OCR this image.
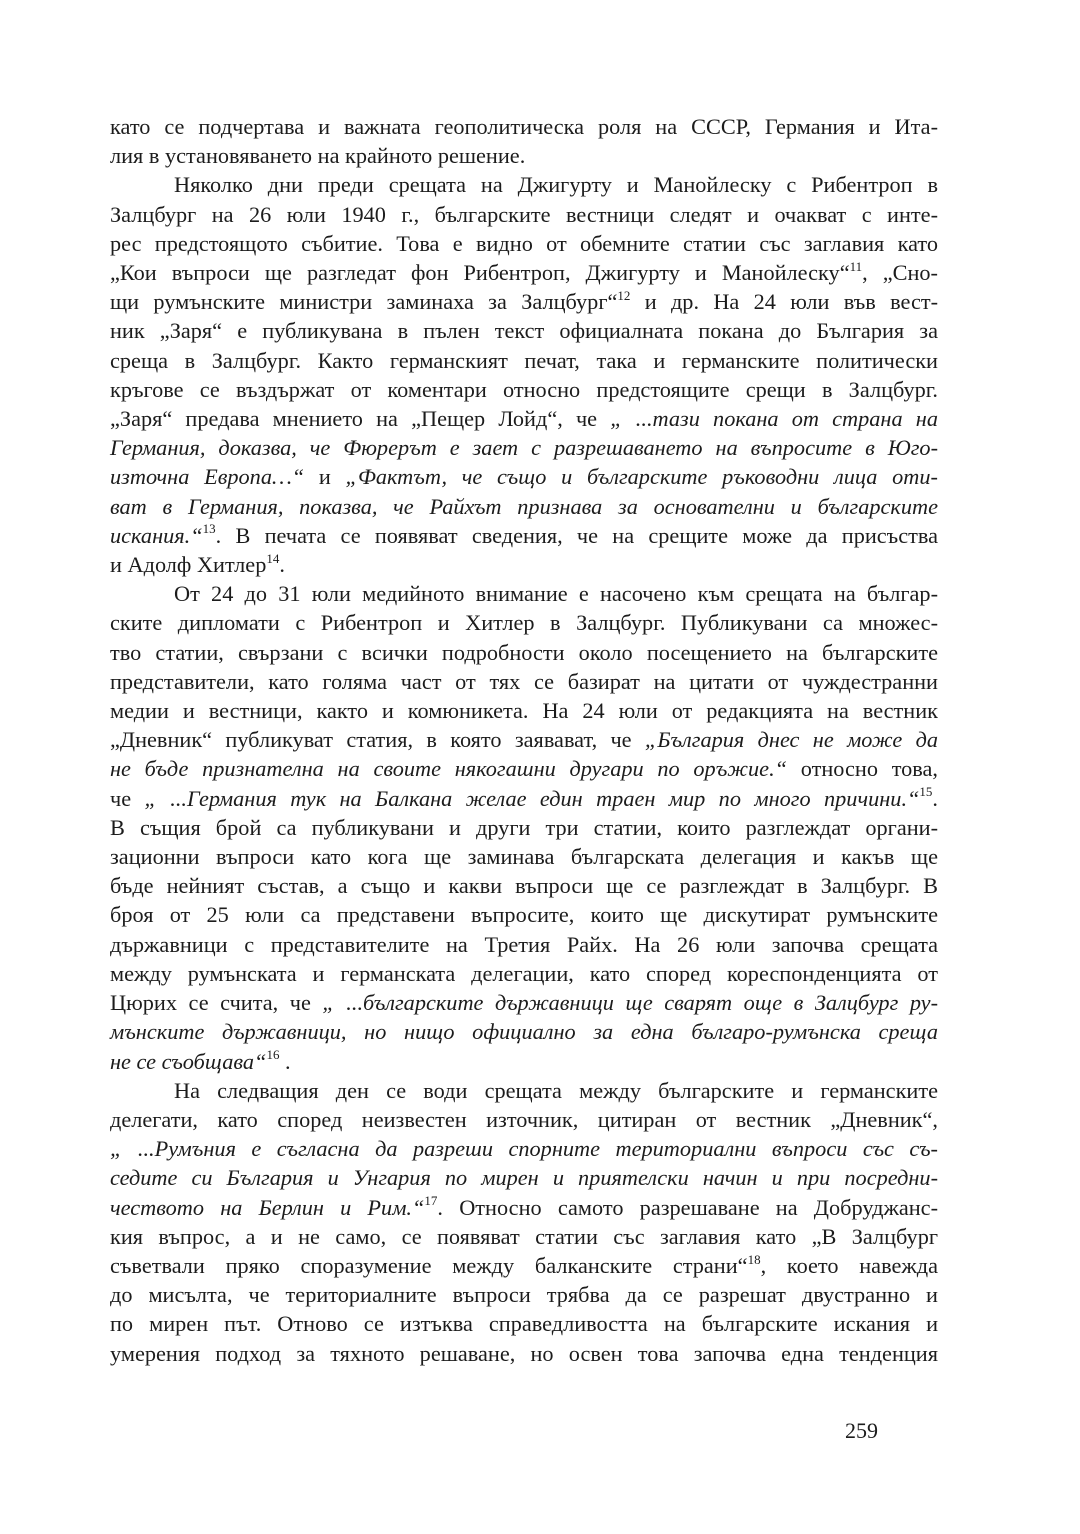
като се подчертава и важната геополитическа роля на СССР, Германия и Ита-
лия в установяването на крайното решение.

Няколко дни преди срещата на Джигурту и Манойлеску с Рибентроп в
Залцбург на 26 юли 1940 г., българските вестници следят и очакват с инте-
рес предстоящото събитие. Това е видно от обемните статии със заглавия като
„Кои въпроси ще разгледат фон Рибентроп, Джигурту и Манойлеску“$^{11}$, „Сно-
щи румънските министри заминаха за Залцбург“$^{12}$ и др. На 24 юли във вест-
ник „Заря“ е публикувана в пълен текст официалната покана до България за
среща в Залцбург. Както германският печат, така и германските политически
кръгове се въздържат от коментари относно предстоящите срещи в Залцбург.
„Заря“ предава мнението на „Пещер Лойд“, че „ ...тази покана от страна на
Германия, доказва, че Фюрерът е зает с разрешаването на въпросите в Юго-
източна Европа…“ и „Фактът, че също и българските ръководни лица оти-
ват в Германия, показва, че Райхът признава за основателни и българските
искания.“$^{13}$. В печата се появяват сведения, че на срещите може да присъства
и Адолф Хитлер$^{14}$.

От 24 до 31 юли медийното внимание е насочено към срещата на българ-
ските дипломати с Рибентроп и Хитлер в Залцбург. Публикувани са множес-
тво статии, свързани с всички подробности около посещението на българските
представители, като голяма част от тях се базират на цитати от чуждестранни
медии и вестници, както и комюникета. На 24 юли от редакцията на вестник
„Дневник“ публикуват статия, в която заявават, че „България днес не може да
не бъде признателна на своите някогашни другари по оръжие.“ относно това,
че „ ...Германия тук на Балкана желае един траен мир по много причини.“$^{15}$.
В същия брой са публикувани и други три статии, които разглеждат органи-
зационни въпроси като кога ще заминава българската делегация и какъв ще
бъде нейният състав, а също и какви въпроси ще се разглеждат в Залцбург. В
броя от 25 юли са представени въпросите, които ще дискутират румънските
държавници с представителите на Третия Райх. На 26 юли започва срещата
между румънската и германската делегации, като според кореспонденцията от
Цюрих се счита, че „ ...българските държавници ще сварят още в Залцбург ру-
мънските държавници, но нищо официално за една българо-румънска среща
не се съобщава“$^{16}$ .

На следващия ден се води срещата между българските и германските
делегати, като според неизвестен източник, цитиран от вестник „Дневник“,
„ ...Румъния е съгласна да разреши спорните териториални въпроси със съ-
седите си България и Унгария по мирен и приятелски начин и при посредни-
чеството на Берлин и Рим.“$^{17}$. Относно самото разрешаване на Добруджанс-
кия въпрос, а и не само, се появяват статии със заглавия като „В Залцбург
съветвали пряко споразумение между балканските страни“$^{18}$, което навежда
до мисълта, че териториалните въпроси трябва да се разрешат двустранно и
по мирен път. Отново се изтъква справедливостта на българските искания и
умерения подход за тяхното решаване, но освен това започва една тенденция

259
